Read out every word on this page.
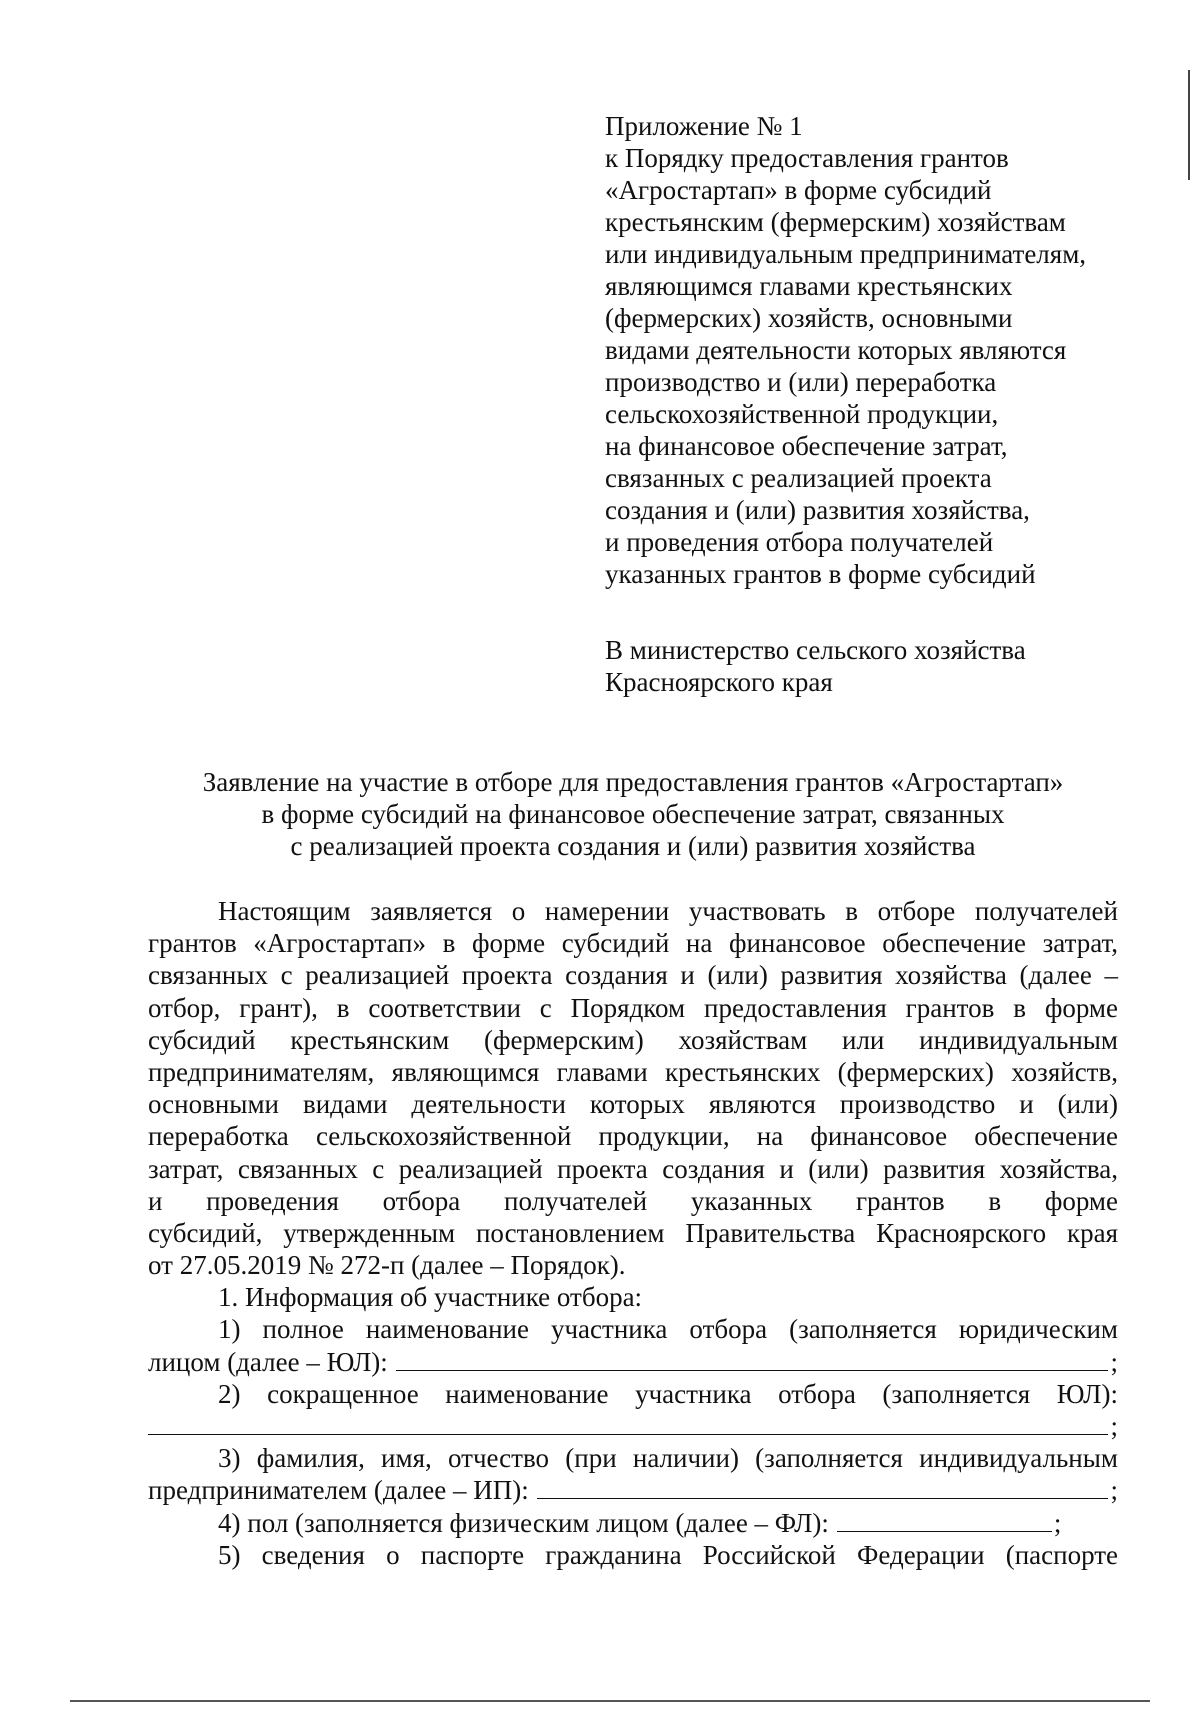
Приложение № 1
к Порядку предоставления грантов
«Агростартап» в форме субсидий
крестьянским (фермерским) хозяйствам
или индивидуальным предпринимателям,
являющимся главами крестьянских
(фермерских) хозяйств, основными
видами деятельности которых являются
производство и (или) переработка
сельскохозяйственной продукции,
на финансовое обеспечение затрат,
связанных с реализацией проекта
создания и (или) развития хозяйства,
и проведения отбора получателей
указанных грантов в форме субсидий
В министерство сельского хозяйства
Красноярского края
Заявление на участие в отборе для предоставления грантов «Агростартап»
в форме субсидий на финансовое обеспечение затрат, связанных
с реализацией проекта создания и (или) развития хозяйства
Настоящим заявляется о намерении участвовать в отборе получателей
грантов «Агростартап» в форме субсидий на финансовое обеспечение затрат,
связанных с реализацией проекта создания и (или) развития хозяйства (далее –
отбор, грант), в соответствии с Порядком предоставления грантов в форме
субсидий крестьянским (фермерским) хозяйствам или индивидуальным
предпринимателям, являющимся главами крестьянских (фермерских) хозяйств,
основными видами деятельности которых являются производство и (или)
переработка сельскохозяйственной продукции, на финансовое обеспечение
затрат, связанных с реализацией проекта создания и (или) развития хозяйства,
и проведения отбора получателей указанных грантов в форме
субсидий, утвержденным постановлением Правительства Красноярского края
от 27.05.2019 № 272-п (далее – Порядок).
1. Информация об участнике отбора:
1) полное наименование участника отбора (заполняется юридическим
лицом (далее – ЮЛ):	;
2) сокращенное наименование участника отбора (заполняется ЮЛ):
;
3) фамилия, имя, отчество (при наличии) (заполняется индивидуальным
предпринимателем (далее – ИП):	;
4) пол (заполняется физическим лицом (далее – ФЛ):	;
5) сведения о паспорте гражданина Российской Федерации (паспорте
